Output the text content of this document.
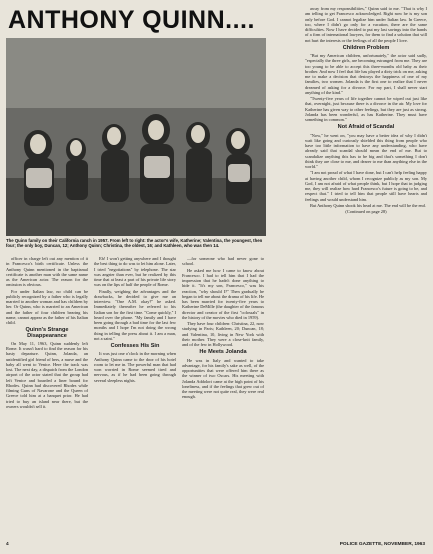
ANTHONY QUINN....
The Quinn family on their California ranch in 1957. From left to right: the actor's wife, Katherine; Valentina, the youngest, then four; the only boy, Duncan, 12; Anthony Quinn; Christina, the oldest, 16; and Kathleen, who was then 14.

officer in charge left out any mention of it in Francesco's birth certificate. Unless the Anthony Quinn mentioned in the baptismal certificate is another man with the same name as the American actor. The reason for the omission is obvious.

For under Italian law, no child can be publicly recognized by a father who is legally married to another woman and has children by her. Or Quinn, who is married to an American and the father of four children bearing his name, cannot appear as the father of his Italian child.

Quinn's Strange Disappearance

On May 11, 1963, Quinn suddenly left Rome. It wasn't hard to find the reason for his hasty departure. Quinn, Jolanda, an unidentified girl friend of hers, a nurse and the baby all went to Venice. Here the track was lost. The next day, a dispatch from the London airport of the actor stated that the group had left Venice and boarded a liner bound for Rhodes. Quinn had discovered Rhodes while filming Guns of Navarone and the Queen of Greece told him at a banquet prior. He had tried to buy an island near there, but the owners wouldn't sell it.

Eh! I won't getting anywhere and I thought the best thing to do was to let him alone. Later, I tried "negotiations" by telephone. The star was angrier than ever, but he realized by this time that at least a part of his private life story was on the lips of half the people of Rome.

Finally, weighing the advantages and the drawbacks, he decided to give me an interview. "One A.M. okay?" he asked. Immediately thereafter he referred to his Italian son for the first time. "Come quickly," I heard over the phone. "My family and I have been going through a bad time for the last few months and I hope I'm not doing the wrong thing in telling the press about it. I am a man, not a saint."

Confesses His Sin

It was just one o'clock in the morning when Anthony Quinn came to the door of his hotel room to let me in. The powerful man that had won worried in Rome seemed tired and nervous, as if he had been going through several sleepless nights.

—for someone who had never gone to school.

He asked me how I came to know about Francesco. I had to tell him that I had the impression that he hadn't done anything to hide it. "It's my son, Francesco," was his reaction, "why should I?" Then gradually he began to tell me about the drama of his life. He has been married for twenty-five years to Katherine DeMille (the daughter of the famous director and creator of the first "colossals" in the history of the movies who died in 1959).

They have four children: Christina, 22, now studying in Paris; Kathleen, 20; Duncan, 18; and Valentina, 10, living in New York with their mother. They were a close-knit family, and of the few in Hollywood.

He Meets Jolanda

He was in Italy and wanted to take advantage, for his family's sake as well, of the opportunities that were offered him there as the winner of two Oscars. His meeting with Jolanda Addolori came at the high point of his loneliness, and if the feelings that grew out of the meeting were not quite real, they were real enough.

away from my responsibilities," Quinn said to me. "That is why I am telling to get Francesco acknowledged. Right now he is my son only before God. I cannot legalize him under Italian law. In Greece, too, where I didn't go only for a vacation, there are the same difficulties. Now I have decided to put my last savings into the hands of a firm of international lawyers, for them to find a solution that will not hurt the interests or the feelings of all the people I love.

Children Problem

"But my American children, unfortunately," the actor said sadly, "especially the three girls, are becoming estranged from me. They are too young to be able to accept this three-months old baby as their brother. And now I feel that life has played a dirty trick on me, asking me to make a decision that destroys the happiness of one of my families, two women. Jolanda is the first one to realize that I never dreamed of asking for a divorce. For my part, I shall never start anything of the kind."

"Twenty-five years of life together cannot be wiped out just like that, overnight, just because there is a divorce in the air. My love for Katherine has given way to other feelings, but they are just as strong. Jolanda has been wonderful, as has Katherine. They must have something in common."

Not Afraid of Scandal

"Now," he went on, "you may have a better idea of why I didn't wait like going and curiously shielded this thing from people who have too little information to have any understanding, who have already said that scandal should mean the end of me. But to scandalize anything this has to be big and that's something I don't think they are close to me, and dearer to me than anything else in the world."

"I am not proud of what I have done, but I can't help feeling happy at having another child, whom I recognize publicly as my son. My God, I am not afraid of what people think, but I hope that in judging me, they will realize how hard Francesco's future is going to be, and respect that." I tried to tell him that people still have hearts and feelings and would understand him.

But Anthony Quinn shook his head at me. The end will be the end.

(Continued on page 28)

4	POLICE GAZETTE, NOVEMBER, 1963
